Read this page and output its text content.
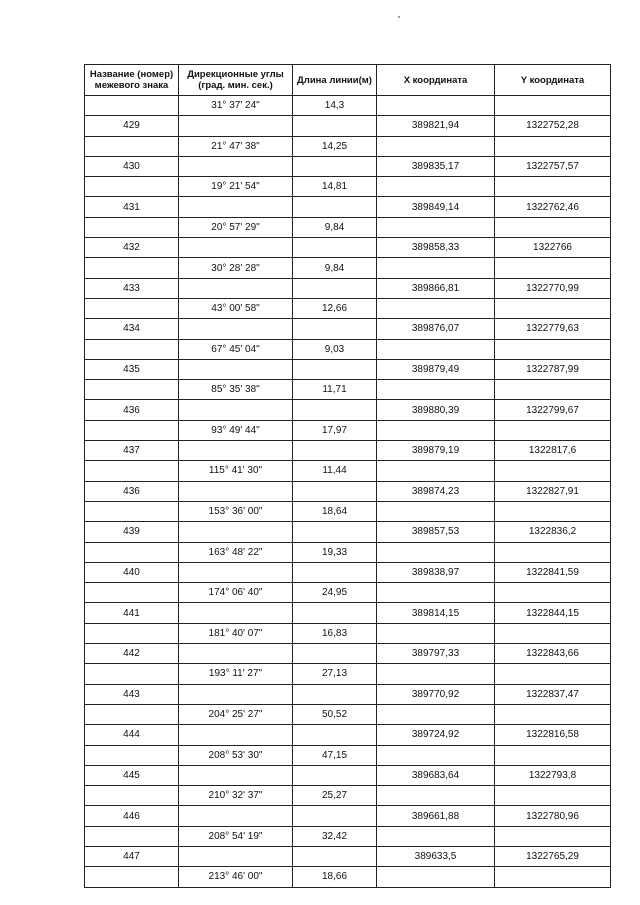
Название (номер) межевого знака	Дирекционные углы (град. мин. сек.)	Длина линии(м)	X координата	Y координата
	31° 37' 24"	14,3		
429			389821,94	1322752,28
	21° 47' 38"	14,25		
430			389835,17	1322757,57
	19° 21' 54"	14,81		
431			389849,14	1322762,46
	20° 57' 29"	9,84		
432			389858,33	1322766
	30° 28' 28"	9,84		
433			389866,81	1322770,99
	43° 00' 58"	12,66		
434			389876,07	1322779,63
	67° 45' 04"	9,03		
435			389879,49	1322787,99
	85° 35' 38"	11,71		
436			389880,39	1322799,67
	93° 49' 44"	17,97		
437			389879,19	1322817,6
	115° 41' 30"	11,44		
436			389874,23	1322827,91
	153° 36' 00"	18,64		
439			389857,53	1322836,2
	163° 48' 22"	19,33		
440			389838,97	1322841,59
	174° 06' 40"	24,95		
441			389814,15	1322844,15
	181° 40' 07"	16,83		
442			389797,33	1322843,66
	193° 11' 27"	27,13		
443			389770,92	1322837,47
	204° 25' 27"	50,52		
444			389724,92	1322816,58
	208° 53' 30"	47,15		
445			389683,64	1322793,8
	210° 32' 37"	25,27		
446			389661,88	1322780,96
	208° 54' 19"	32,42		
447			389633,5	1322765,29
	213° 46' 00"	18,66		
